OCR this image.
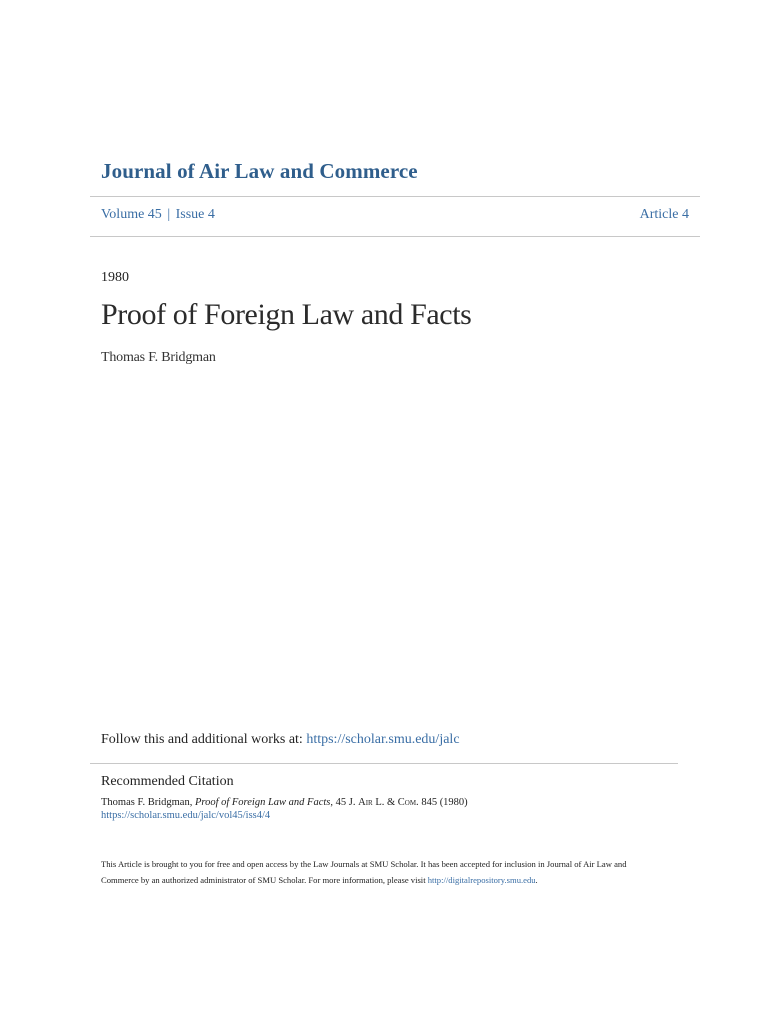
Journal of Air Law and Commerce
Volume 45 | Issue 4	Article 4
1980
Proof of Foreign Law and Facts
Thomas F. Bridgman
Follow this and additional works at: https://scholar.smu.edu/jalc
Recommended Citation
Thomas F. Bridgman, Proof of Foreign Law and Facts, 45 J. Air L. & Com. 845 (1980)
https://scholar.smu.edu/jalc/vol45/iss4/4
This Article is brought to you for free and open access by the Law Journals at SMU Scholar. It has been accepted for inclusion in Journal of Air Law and
Commerce by an authorized administrator of SMU Scholar. For more information, please visit http://digitalrepository.smu.edu.
